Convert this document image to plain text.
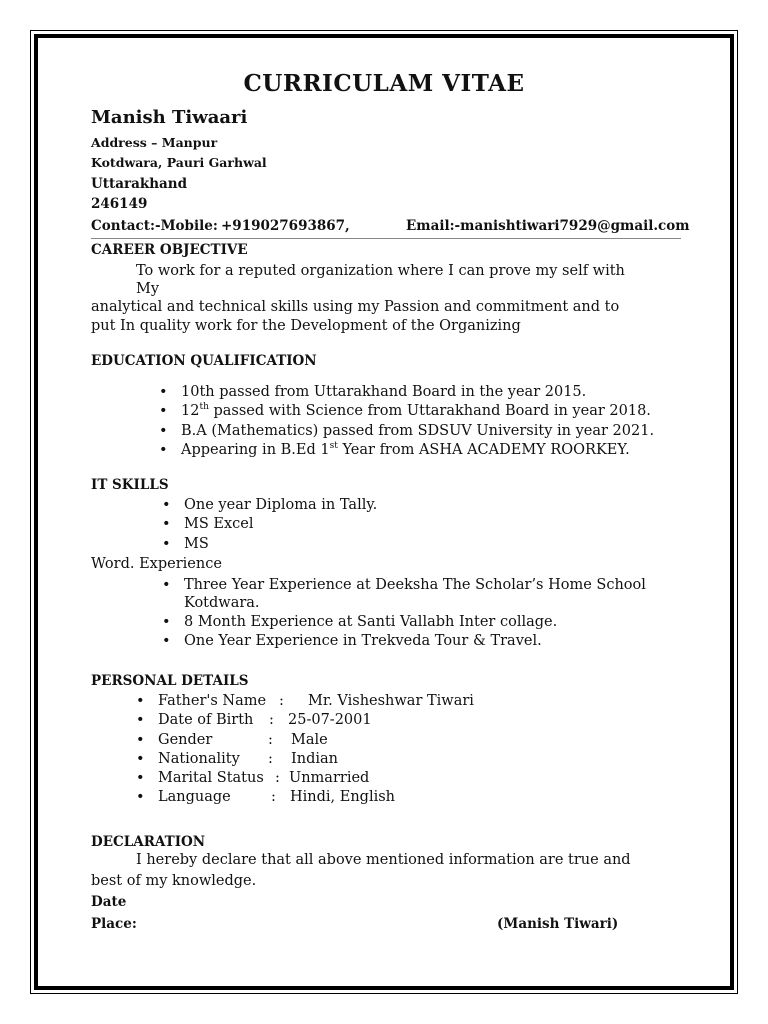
CURRICULAM VITAE
Manish Tiwaari
Address – Manpur
Kotdwara, Pauri Garhwal
Uttarakhand
246149
Contact:-Mobile: +919027693867,	Email:-manishtiwari7929@gmail.com
CAREER OBJECTIVE
To work for a reputed organization where I can prove my self with
My
analytical and technical skills using my Passion and commitment and to
put In quality work for the Development of the Organizing
EDUCATION QUALIFICATION
• 10th passed from Uttarakhand Board in the year 2015.
• 12th passed with Science from Uttarakhand Board in year 2018.
• B.A (Mathematics) passed from SDSUV University in year 2021.
• Appearing in B.Ed 1st Year from ASHA ACADEMY ROORKEY.
IT SKILLS
• One year Diploma in Tally.
• MS Excel
• MS
Word. Experience
• Three Year Experience at Deeksha The Scholar’s Home School
Kotdwara.
• 8 Month Experience at Santi Vallabh Inter collage.
• One Year Experience in Trekveda Tour & Travel.
PERSONAL DETAILS
• Father's Name : Mr. Visheshwar Tiwari
• Date of Birth : 25-07-2001
• Gender	: Male
• Nationality : Indian
• Marital Status : Unmarried
• Language	: Hindi, English
DECLARATION
I hereby declare that all above mentioned information are true and
best of my knowledge.
Date
Place:	(Manish Tiwari)
